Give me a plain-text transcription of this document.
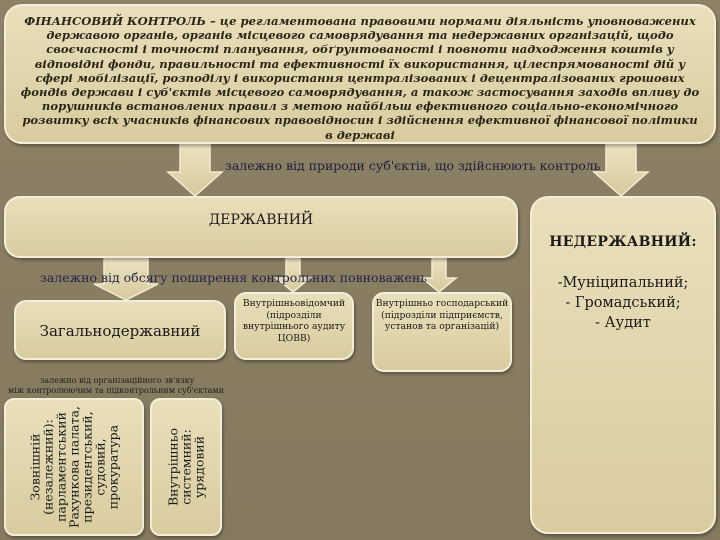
ФІНАНСОВИЙ КОНТРОЛЬ – це регламентована правовими нормами діяльність уповноважених державою органів, органів місцевого самоврядування та недержавних організацій, щодо своєчасності і точності планування, обґрунтованості і повноти надходження коштів у відповідні фонди, правильності та ефективності їх використання, цілеспрямованості дій у сфері мобілізації, розподілу і використання централізованих і децентралізованих грошових фондів держави і суб'єктів місцевого самоврядування, а також застосування заходів впливу до порушників встановлених правил з метою найбільш ефективного соціально-економічного розвитку всіх учасників фінансових правовідносин і здійснення ефективної фінансової політики в державі
залежно від природи суб'єктів, що здійснюють контроль
ДЕРЖАВНИЙ
залежно від обсягу поширення контрольних повноважень
НЕДЕРЖАВНИЙ:
-Муніципальний;
- Громадський;
- Аудит
Загальнодержавний
Внутрішньовідомчий (підрозділи внутрішнього аудиту ЦОВВ)
Внутрішньо господарський (підрозділи підприємств, установ та організацій)
залежно від організаційного зв'язку
між контролюючим та підконтрольним суб'єктами
Зовнішній
(незалежний):
парламентський
Рахункова палата,
президентський,
судовий,
прокуратура	Внутрішньо
системний:
урядовий
